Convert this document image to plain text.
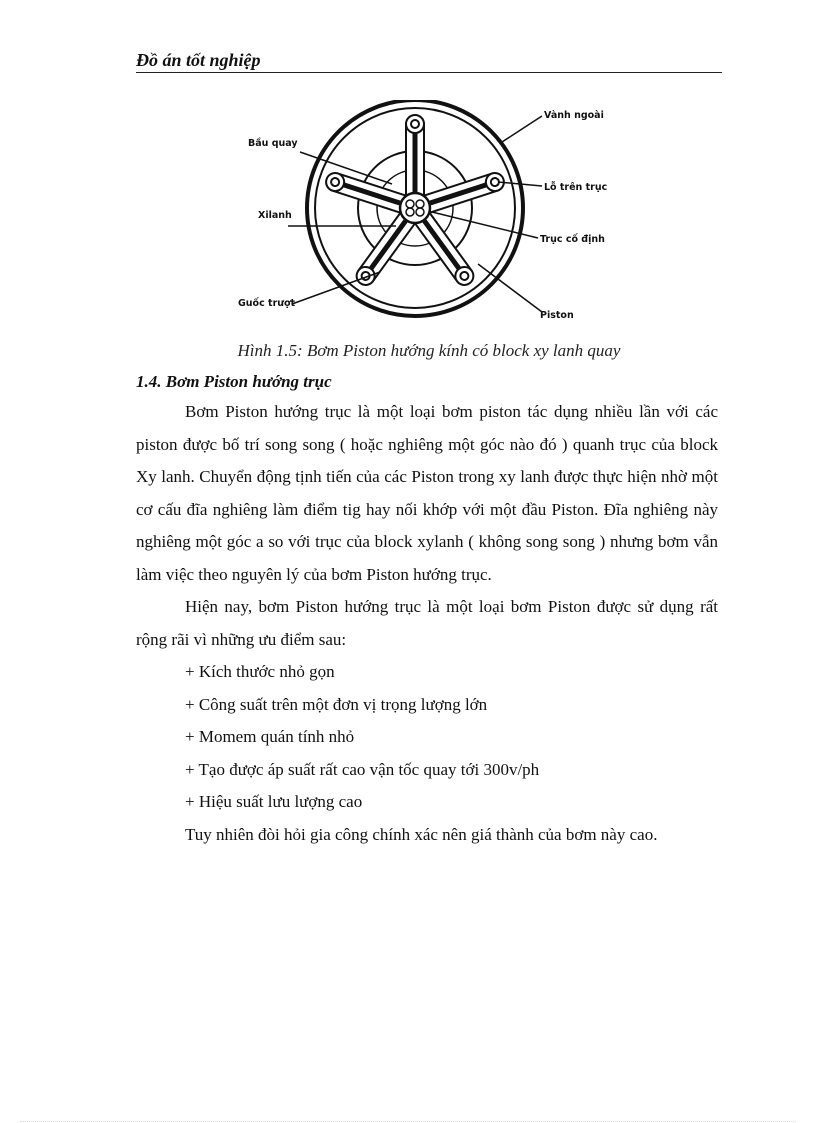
Đồ án tốt nghiệp
Vành ngoài
Bầu quay
Lỗ trên trục
Xilanh
Trục cố định
Guốc trượt
Piston
Hình 1.5: Bơm Piston hướng kính có block xy lanh quay
1.4. Bơm Piston hướng trục

Bơm Piston hướng trục là một loại bơm piston tác dụng nhiều lần với các piston được bố trí song song ( hoặc nghiêng một góc nào đó ) quanh trục của block Xy lanh. Chuyển động tịnh tiến của các Piston trong xy lanh được thực hiện nhờ một cơ cấu đĩa nghiêng làm điểm tig hay nối khớp với một đầu Piston. Đĩa nghiêng này nghiêng một góc a so với trục của block xylanh ( không song song ) nhưng bơm vẫn làm việc theo nguyên lý của bơm Piston hướng trục.

Hiện nay, bơm Piston hướng trục là một loại bơm Piston được sử dụng rất rộng rãi vì những ưu điểm sau:

+ Kích thước nhỏ gọn
+ Công suất trên một đơn vị trọng lượng lớn
+ Momem quán tính nhỏ
+ Tạo được áp suất rất cao vận tốc quay tới 300v/ph
+ Hiệu suất lưu lượng cao

Tuy nhiên đòi hỏi gia công chính xác nên giá thành của bơm này cao.
